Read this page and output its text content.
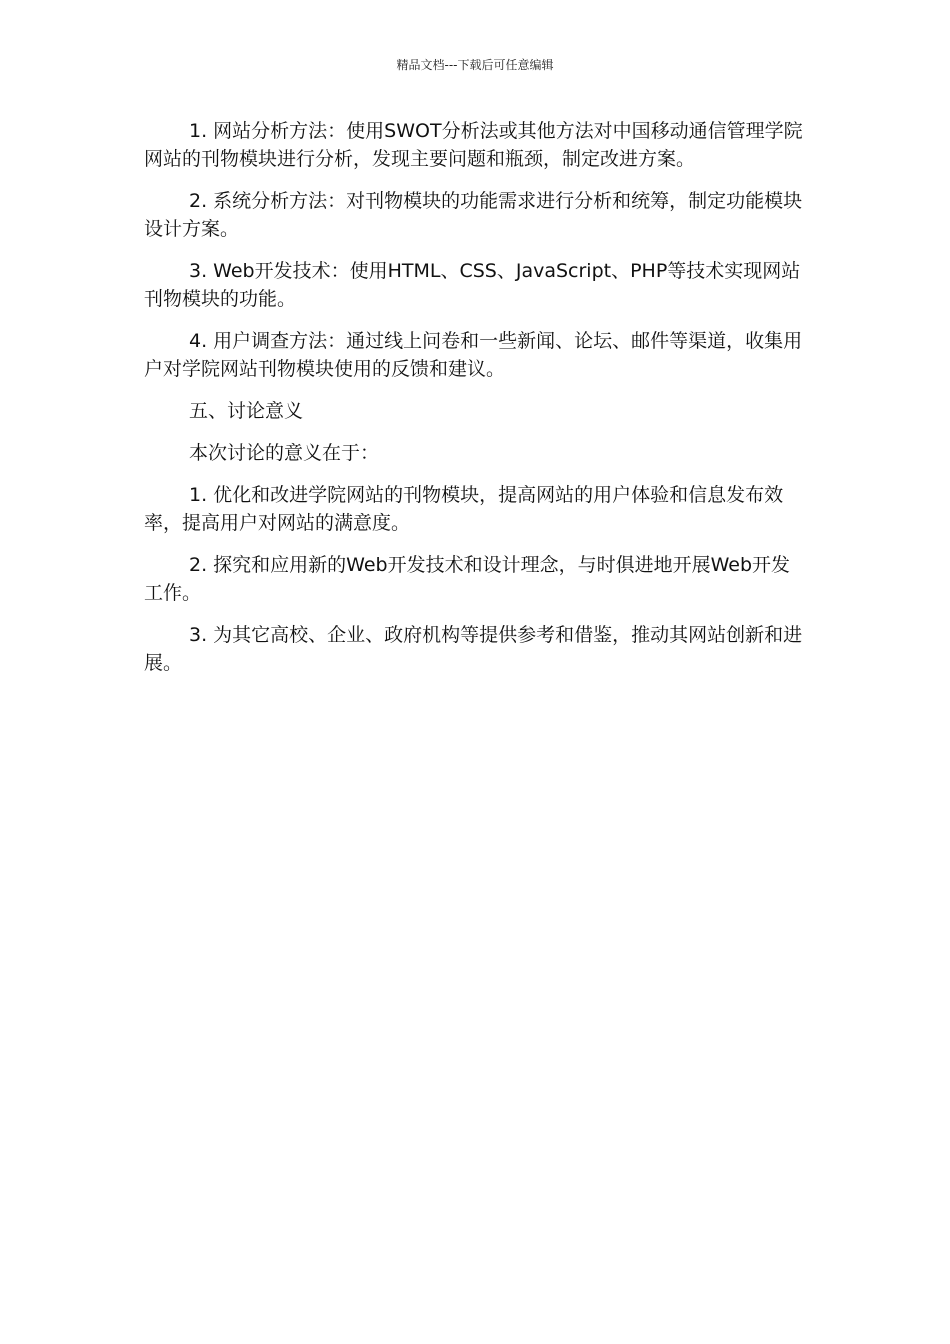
精品文档---下载后可任意编辑

1. 网站分析方法：使用SWOT分析法或其他方法对中国移动通信管理学院网站的刊物模块进行分析，发现主要问题和瓶颈，制定改进方案。

2. 系统分析方法：对刊物模块的功能需求进行分析和统筹，制定功能模块设计方案。

3. Web开发技术：使用HTML、CSS、JavaScript、PHP等技术实现网站刊物模块的功能。

4. 用户调查方法：通过线上问卷和一些新闻、论坛、邮件等渠道，收集用户对学院网站刊物模块使用的反馈和建议。

五、讨论意义

本次讨论的意义在于：

1. 优化和改进学院网站的刊物模块，提高网站的用户体验和信息发布效率，提高用户对网站的满意度。

2. 探究和应用新的Web开发技术和设计理念，与时俱进地开展Web开发工作。

3. 为其它高校、企业、政府机构等提供参考和借鉴，推动其网站创新和进展。
